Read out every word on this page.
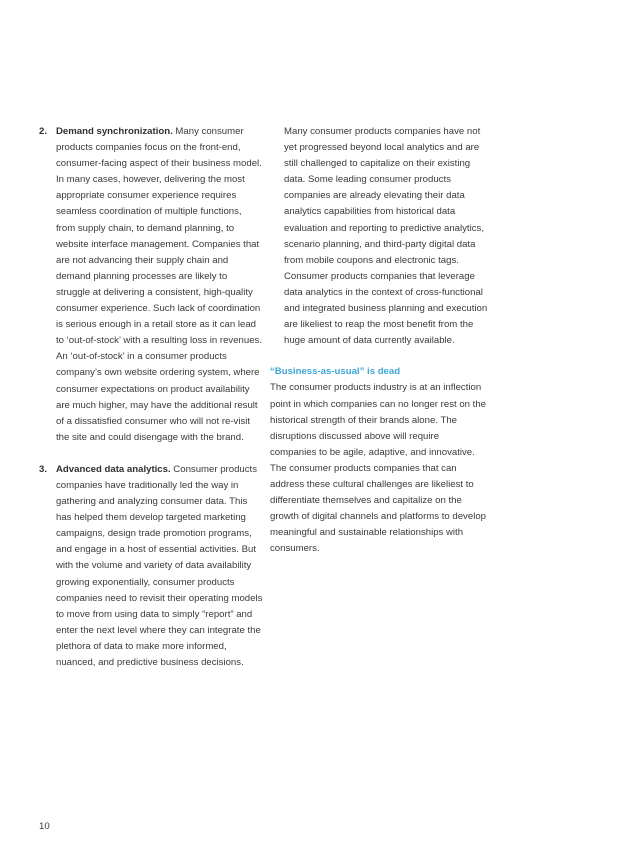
2. Demand synchronization. Many consumer products companies focus on the front-end, consumer-facing aspect of their business model. In many cases, however, delivering the most appropriate consumer experience requires seamless coordination of multiple functions, from supply chain, to demand planning, to website interface management. Companies that are not advancing their supply chain and demand planning processes are likely to struggle at delivering a consistent, high-quality consumer experience. Such lack of coordination is serious enough in a retail store as it can lead to ‘out-of-stock’ with a resulting loss in revenues. An ‘out-of-stock’ in a consumer products company’s own website ordering system, where consumer expectations on product availability are much higher, may have the additional result of a dissatisfied consumer who will not re-visit the site and could disengage with the brand.
3. Advanced data analytics. Consumer products companies have traditionally led the way in gathering and analyzing consumer data. This has helped them develop targeted marketing campaigns, design trade promotion programs, and engage in a host of essential activities. But with the volume and variety of data availability growing exponentially, consumer products companies need to revisit their operating models to move from using data to simply “report” and enter the next level where they can integrate the plethora of data to make more informed, nuanced, and predictive business decisions.

Many consumer products companies have not yet progressed beyond local analytics and are still challenged to capitalize on their existing data. Some leading consumer products companies are already elevating their data analytics capabilities from historical data evaluation and reporting to predictive analytics, scenario planning, and third-party digital data from mobile coupons and electronic tags. Consumer products companies that leverage data analytics in the context of cross-functional and integrated business planning and execution are likeliest to reap the most benefit from the huge amount of data currently available.

“Business-as-usual” is dead

The consumer products industry is at an inflection point in which companies can no longer rest on the historical strength of their brands alone. The disruptions discussed above will require companies to be agile, adaptive, and innovative. The consumer products companies that can address these cultural challenges are likeliest to differentiate themselves and capitalize on the growth of digital channels and platforms to develop meaningful and sustainable relationships with consumers.

10
